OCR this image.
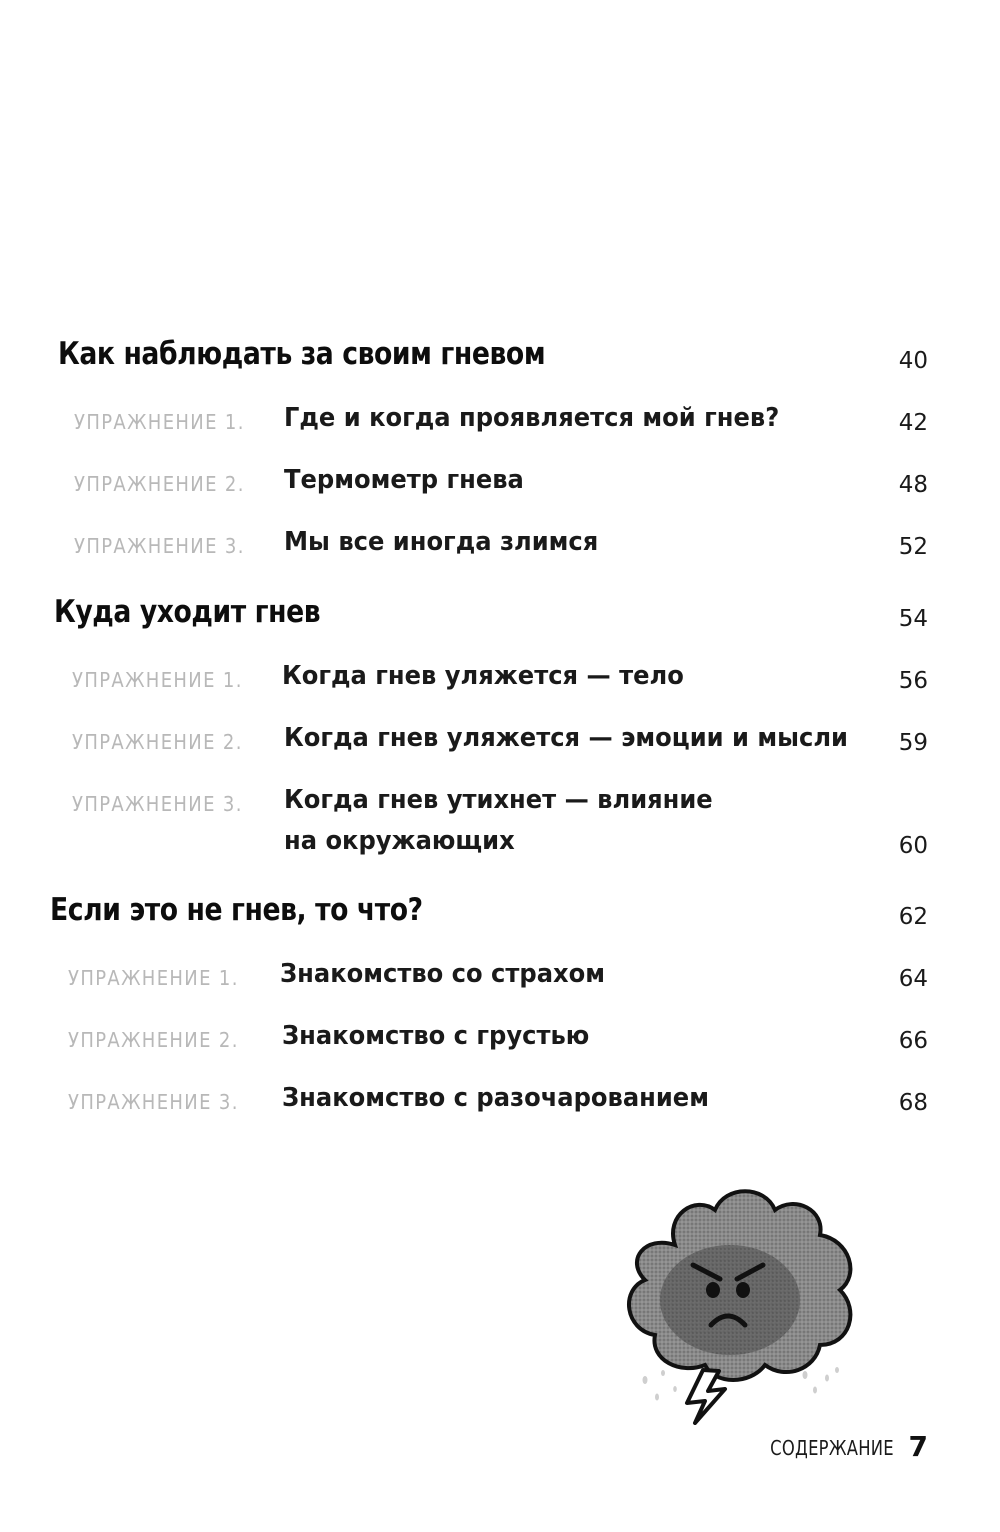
Как наблюдать за своим гневом	40
УПРАЖНЕНИЕ 1. Где и когда проявляется мой гнев?	42
УПРАЖНЕНИЕ 2. Термометр гнева	48
УПРАЖНЕНИЕ 3. Мы все иногда злимся	52
Куда уходит гнев	54
УПРАЖНЕНИЕ 1. Когда гнев уляжется — тело	56
УПРАЖНЕНИЕ 2. Когда гнев уляжется — эмоции и мысли 59
УПРАЖНЕНИЕ 3. Когда гнев утихнет — влияние
на окружающих	60
Если это не гнев, то что?	62
УПРАЖНЕНИЕ 1. Знакомство со страхом	64
УПРАЖНЕНИЕ 2. Знакомство с грустью	66
УПРАЖНЕНИЕ 3. Знакомство с разочарованием	68
СОДЕРЖАНИЕ 7
